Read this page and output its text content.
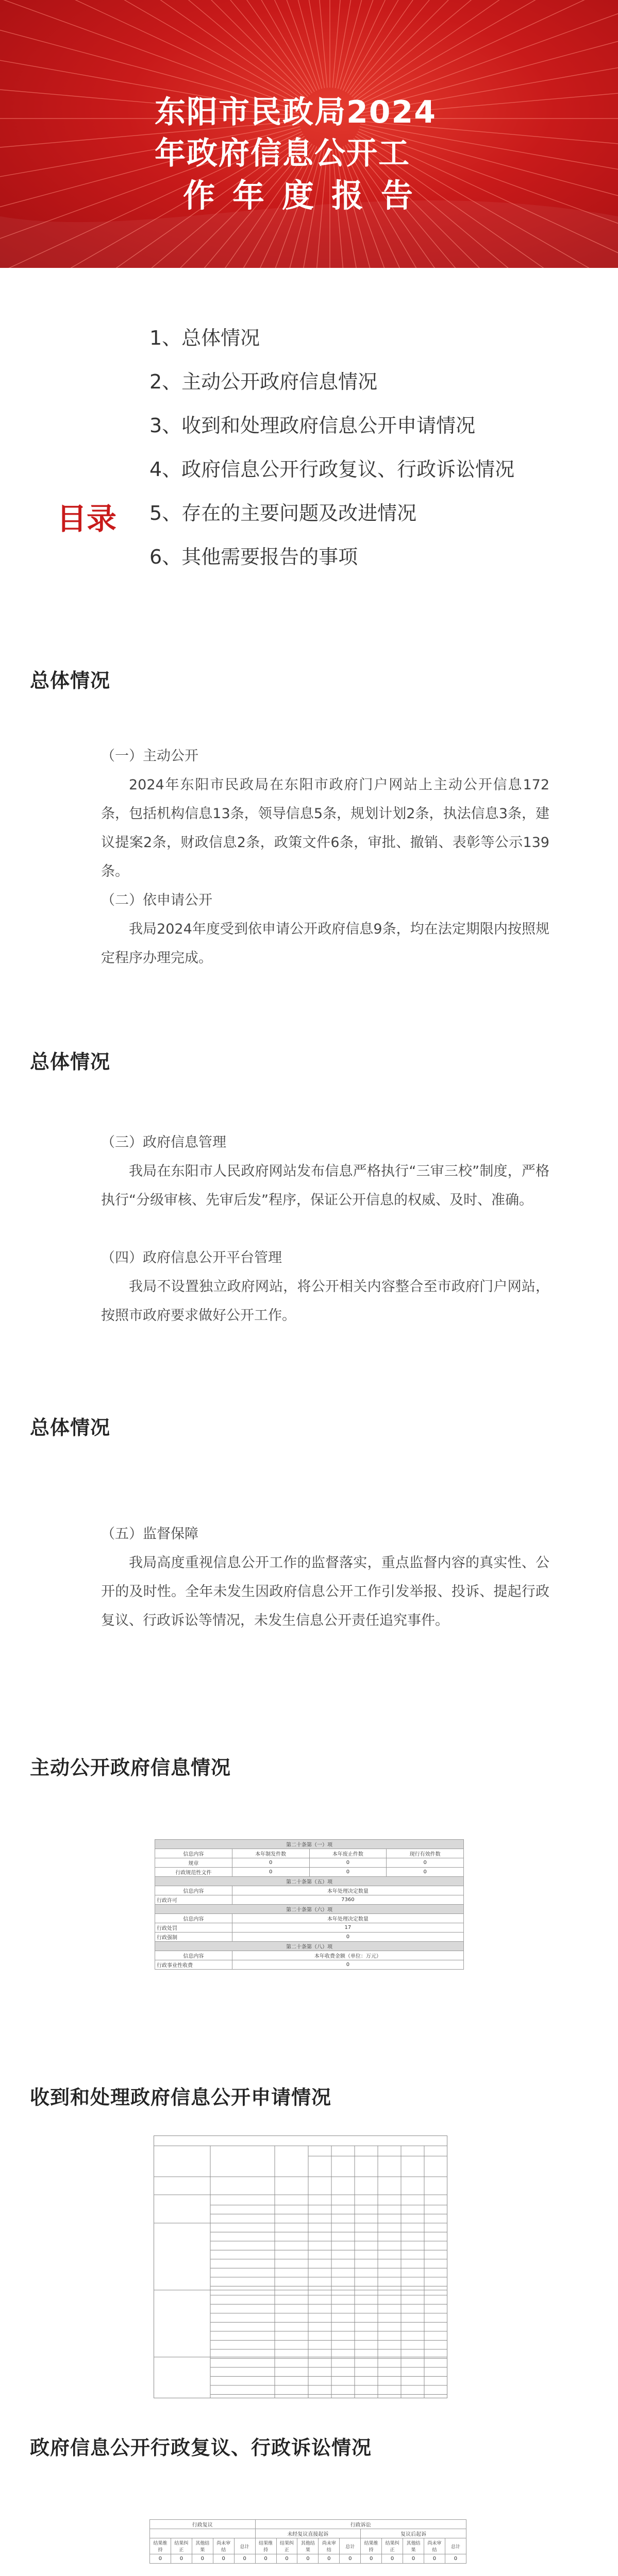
东阳市民政局2024
年政府信息公开工
作年度报告
目录
1、总体情况
2、主动公开政府信息情况
3、收到和处理政府信息公开申请情况
4、政府信息公开行政复议、行政诉讼情况
5、存在的主要问题及改进情况
6、其他需要报告的事项
总体情况
（一）主动公开
2024年东阳市民政局在东阳市政府门户网站上主动公开信息172条，包括机构信息13条，领导信息5条，规划计划2条，执法信息3条，建议提案2条，财政信息2条，政策文件6条，审批、撤销、表彰等公示139条。
（二）依申请公开
我局2024年度受到依申请公开政府信息9条，均在法定期限内按照规定程序办理完成。
总体情况
（三）政府信息管理
我局在东阳市人民政府网站发布信息严格执行“三审三校”制度，严格执行“分级审核、先审后发”程序，保证公开信息的权威、及时、准确。
（四）政府信息公开平台管理
我局不设置独立政府网站，将公开相关内容整合至市政府门户网站，按照市政府要求做好公开工作。
总体情况
（五）监督保障
我局高度重视信息公开工作的监督落实，重点监督内容的真实性、公开的及时性。全年未发生因政府信息公开工作引发举报、投诉、提起行政复议、行政诉讼等情况，未发生信息公开责任追究事件。
主动公开政府信息情况
第二十条第（一）项			
信息内容	本年制发件数	本年废止件数	现行有效件数
规章	0	0	0
行政规范性文件	0	0	0
第二十条第（五）项			
信息内容	本年处理决定数量		
行政许可	7360		
第二十条第（六）项			
信息内容	本年处理决定数量		
行政处罚	17		
行政强制	0		
第二十条第（八）项			
信息内容	本年收费金额（单位：万元）		
行政事业性收费	0		
收到和处理政府信息公开申请情况
政府信息公开行政复议、行政诉讼情况
行政复议					行政诉讼									
					未经复议直接起诉					复议后起诉				
结果维持	结果纠正	其他结果	尚未审结	总计	结果维持	结果纠正	其他结果	尚未审结	总计	结果维持	结果纠正	其他结果	尚未审结	总计
0	0	0	0	0	0	0	0	0	0	0	0	0	0	0
